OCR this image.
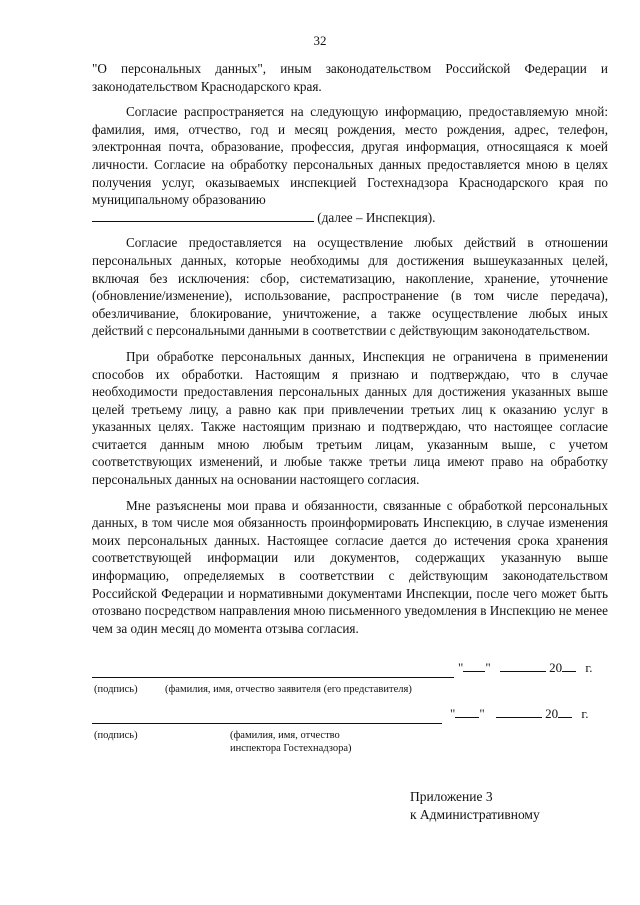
32

"О персональных данных", иным законодательством Российской Федерации и законодательством Краснодарского края.

Согласие распространяется на следующую информацию, предоставляемую мной: фамилия, имя, отчество, год и месяц рождения, место рождения, адрес, телефон, электронная почта, образование, профессия, другая информация, относящаяся к моей личности. Согласие на обработку персональных данных предоставляется мною в целях получения услуг, оказываемых инспекцией Гостехнадзора Краснодарского края по муниципальному образованию

(далее – Инспекция).

Согласие предоставляется на осуществление любых действий в отношении персональных данных, которые необходимы для достижения вышеуказанных целей, включая без исключения: сбор, систематизацию, накопление, хранение, уточнение (обновление/изменение), использование, распространение (в том числе передача), обезличивание, блокирование, уничтожение, а также осуществление любых иных действий с персональными данными в соответствии с действующим законодательством.

При обработке персональных данных, Инспекция не ограничена в применении способов их обработки. Настоящим я признаю и подтверждаю, что в случае необходимости предоставления персональных данных для достижения указанных выше целей третьему лицу, а равно как при привлечении третьих лиц к оказанию услуг в указанных целях. Также настоящим признаю и подтверждаю, что настоящее согласие считается данным мною любым третьим лицам, указанным выше, с учетом соответствующих изменений, и любые также третьи лица имеют право на обработку персональных данных на основании настоящего согласия.

Мне разъяснены мои права и обязанности, связанные с обработкой персональных данных, в том числе моя обязанность проинформировать Инспекцию, в случае изменения моих персональных данных. Настоящее согласие дается до истечения срока хранения соответствующей информации или документов, содержащих указанную выше информацию, определяемых в соответствии с действующим законодательством Российской Федерации и нормативными документами Инспекции, после чего может быть отозвано посредством направления мною письменного уведомления в Инспекцию не менее чем за один месяц до момента отзыва согласия.

" "	20 г.
(подпись)	(фамилия, имя, отчество заявителя (его представителя)
" "	20 г.
(подпись)	(фамилия, имя, отчество
инспектора Гостехнадзора)
Приложение 3
к Административному
